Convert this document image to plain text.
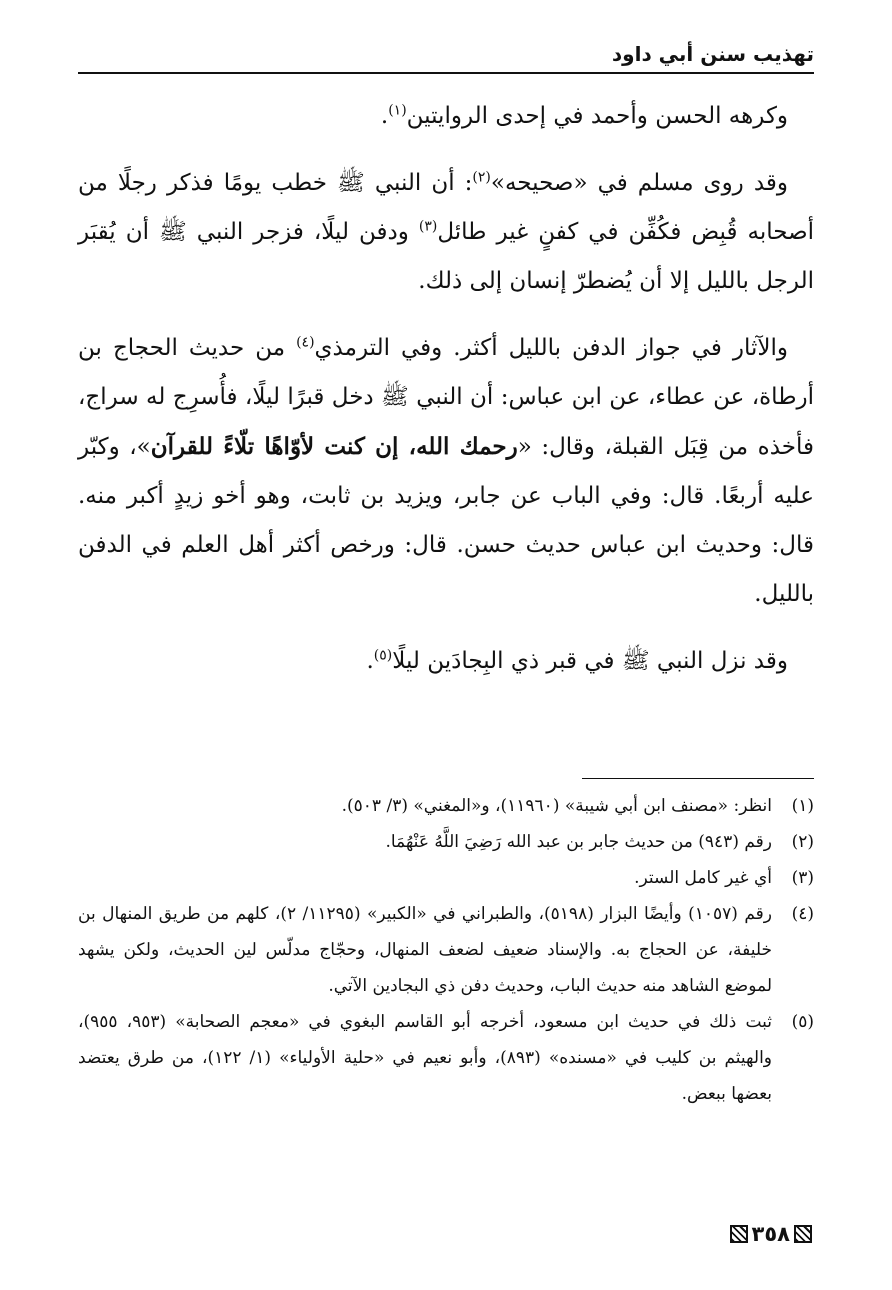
تهذيب سنن أبي داود

وكرهه الحسن وأحمد في إحدى الروايتين$^{(١)}$.

وقد روى مسلم في «صحيحه»$^{(٢)}$: أن النبي ﷺ خطب يومًا فذكر رجلًا من أصحابه قُبِض فكُفِّن في كفنٍ غير طائل$^{(٣)}$ ودفن ليلًا، فزجر النبي ﷺ أن يُقبَر الرجل بالليل إلا أن يُضطرّ إنسان إلى ذلك.

والآثار في جواز الدفن بالليل أكثر. وفي الترمذي$^{(٤)}$ من حديث الحجاج بن أرطاة، عن عطاء، عن ابن عباس: أن النبي ﷺ دخل قبرًا ليلًا، فأُسرِج له سراج، فأخذه من قِبَل القبلة، وقال: «رحمك الله، إن كنت لأوّاهًا تلّاءً للقرآن»، وكبّر عليه أربعًا. قال: وفي الباب عن جابر، ويزيد بن ثابت، وهو أخو زيدٍ أكبر منه. قال: وحديث ابن عباس حديث حسن. قال: ورخص أكثر أهل العلم في الدفن بالليل.

وقد نزل النبي ﷺ في قبر ذي البِجادَين ليلًا$^{(٥)}$.

(١)
انظر: «مصنف ابن أبي شيبة» (١١٩٦٠)، و«المغني» (٣/ ٥٠٣).
(٢)
رقم (٩٤٣) من حديث جابر بن عبد الله رَضِيَ اللَّهُ عَنْهُمَا.
(٣)
أي غير كامل الستر.
(٤)
رقم (١٠٥٧) وأيضًا البزار (٥١٩٨)، والطبراني في «الكبير» (١١٢٩٥/ ٢)، كلهم من طريق المنهال بن خليفة، عن الحجاج به. والإسناد ضعيف لضعف المنهال، وحجّاج مدلّس لين الحديث، ولكن يشهد لموضع الشاهد منه حديث الباب، وحديث دفن ذي البجادين الآتي.
(٥)
ثبت ذلك في حديث ابن مسعود، أخرجه أبو القاسم البغوي في «معجم الصحابة» (٩٥٣، ٩٥٥)، والهيثم بن كليب في «مسنده» (٨٩٣)، وأبو نعيم في «حلية الأولياء» (١/ ١٢٢)، من طرق يعتضد بعضها ببعض.
٣٥٨
